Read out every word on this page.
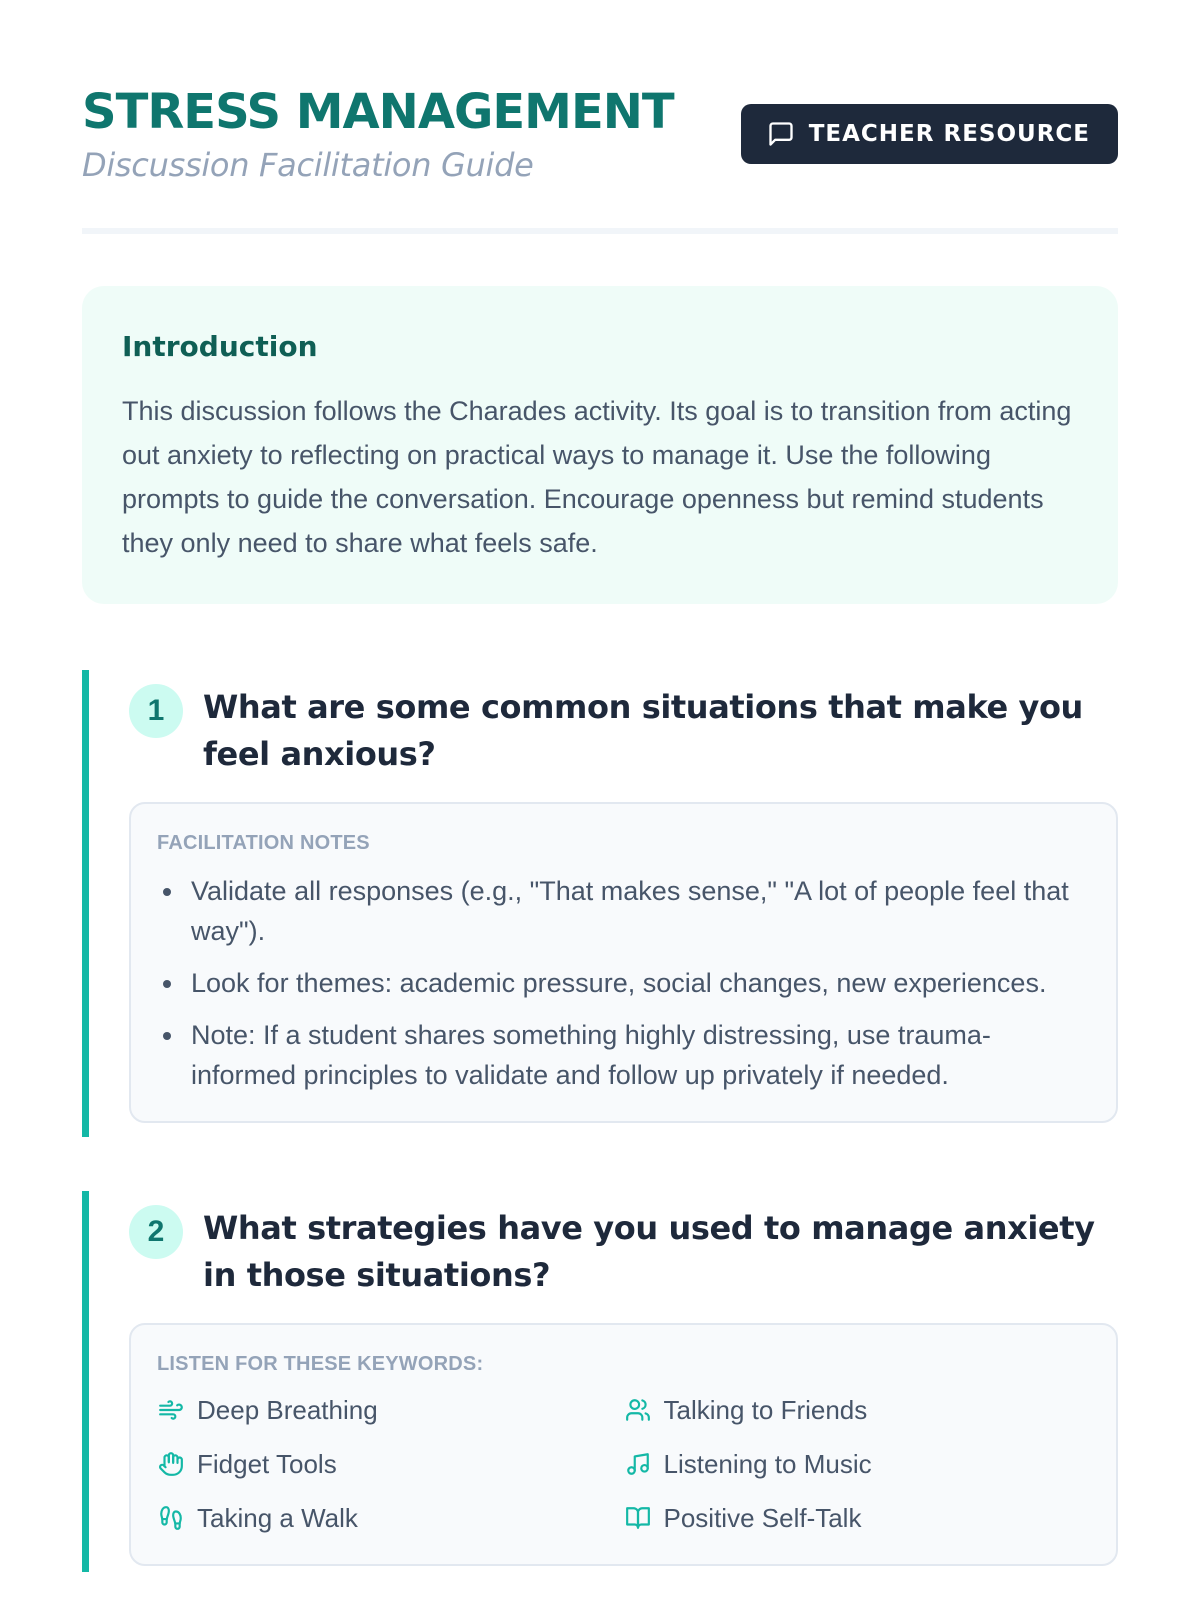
STRESS MANAGEMENT
Discussion Facilitation Guide
TEACHER RESOURCE
Introduction

This discussion follows the Charades activity. Its goal is to transition from acting out anxiety to reflecting on practical ways to manage it. Use the following prompts to guide the conversation. Encourage openness but remind students they only need to share what feels safe.

1	What are some common situations that make you feel anxious?
FACILITATION NOTES
Validate all responses (e.g., "That makes sense," "A lot of people feel that way").
Look for themes: academic pressure, social changes, new experiences.
Note: If a student shares something highly distressing, use trauma-informed principles to validate and follow up privately if needed.
2	What strategies have you used to manage anxiety in those situations?
LISTEN FOR THESE KEYWORDS:
Deep Breathing	Talking to Friends
Fidget Tools	Listening to Music
Taking a Walk	Positive Self-Talk
